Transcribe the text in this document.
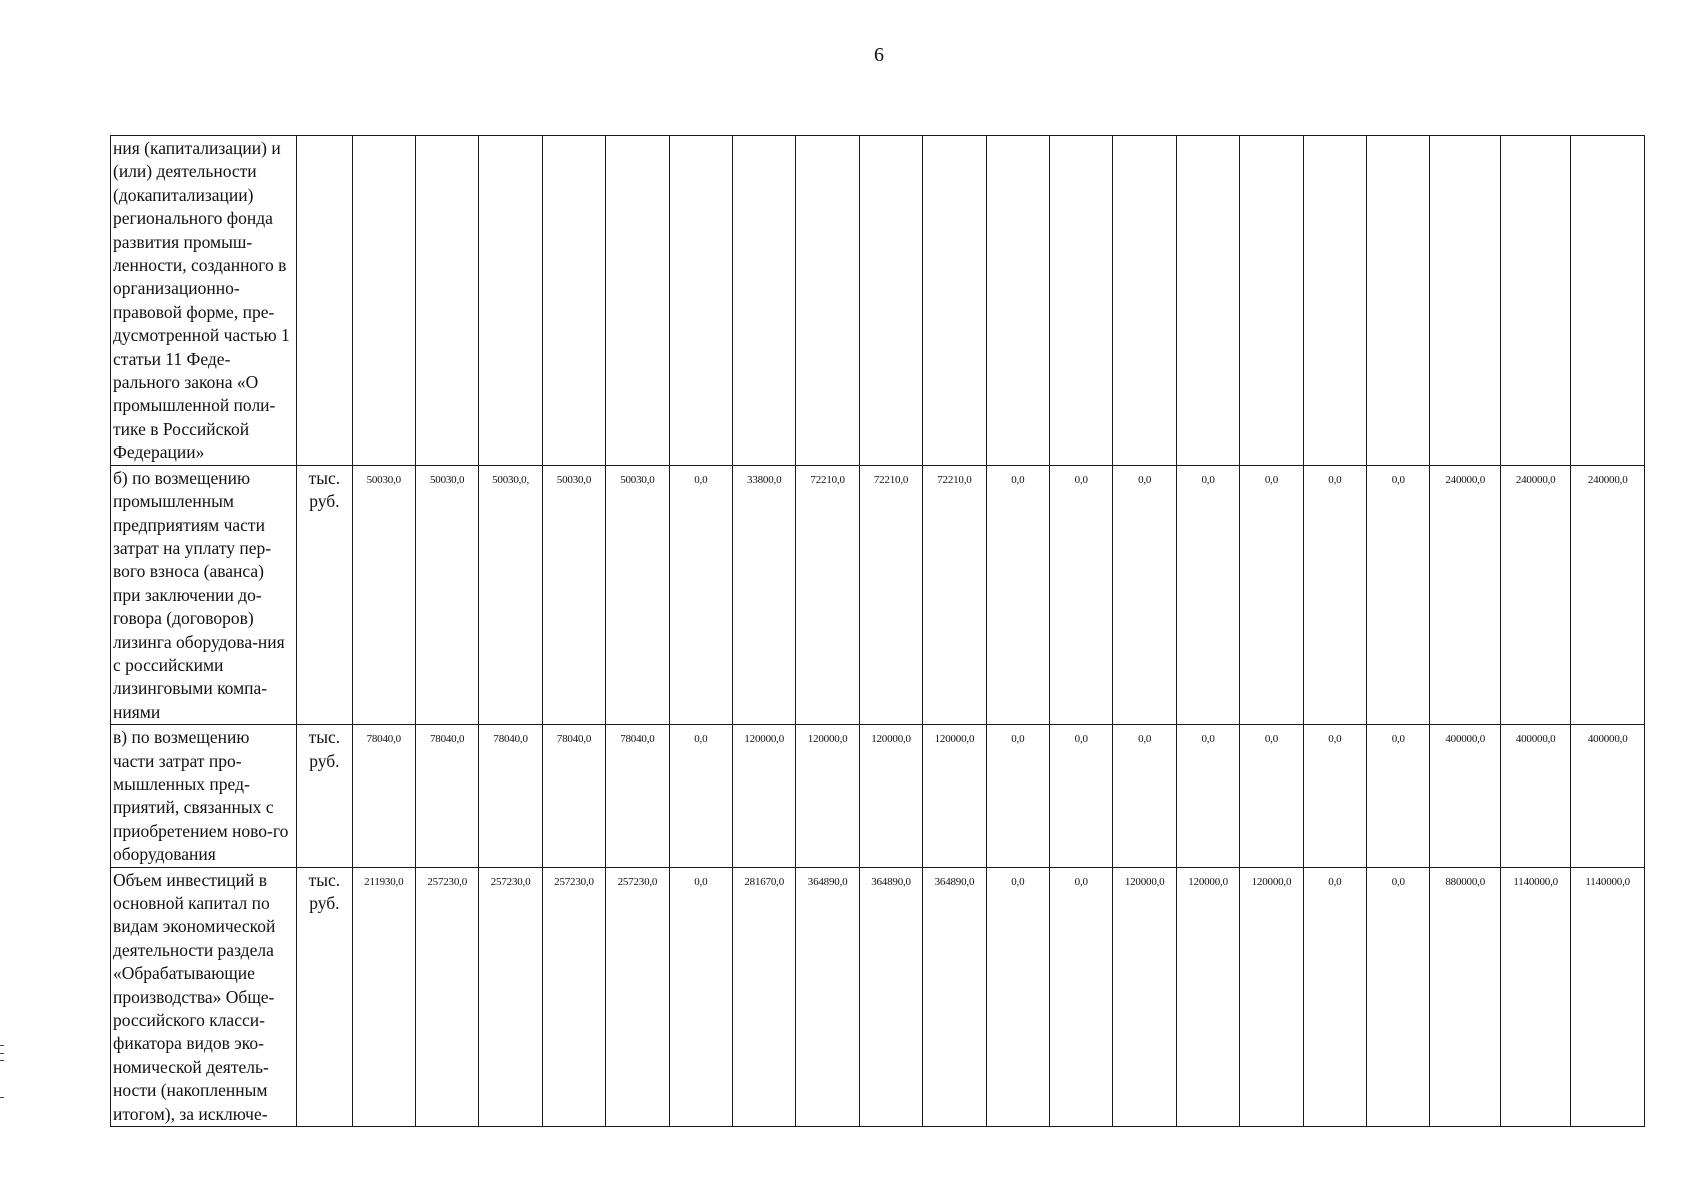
6
ния (капитализации) и (или) деятельности (докапитализации) регионального фонда развития промыш-ленности, созданного в организационно-правовой форме, пре-дусмотренной частью 1 статьи 11 Феде-рального закона «О промышленной поли-тике в Российской Федерации»																					
б) по возмещению промышленным предприятиям части затрат на уплату пер-вого взноса (аванса) при заключении до-говора (договоров) лизинга оборудова-ния с российскими лизинговыми компа-ниями	тыс. руб.	50030,0	50030,0	50030,0,	50030,0	50030,0	0,0	33800,0	72210,0	72210,0	72210,0	0,0	0,0	0,0	0,0	0,0	0,0	0,0	240000,0	240000,0	240000,0
в) по возмещению части затрат про-мышленных пред-приятий, связанных с приобретением ново-го оборудования	тыс. руб.	78040,0	78040,0	78040,0	78040,0	78040,0	0,0	120000,0	120000,0	120000,0	120000,0	0,0	0,0	0,0	0,0	0,0	0,0	0,0	400000,0	400000,0	400000,0
Объем инвестиций в основной капитал по видам экономической деятельности раздела «Обрабатывающие производства» Обще-российского класси-фикатора видов эко-номической деятель-ности (накопленным итогом), за исключе-	тыс. руб.	211930,0	257230,0	257230,0	257230,0	257230,0	0,0	281670,0	364890,0	364890,0	364890,0	0,0	0,0	120000,0	120000,0	120000,0	0,0	0,0	880000,0	1140000,0	1140000,0
